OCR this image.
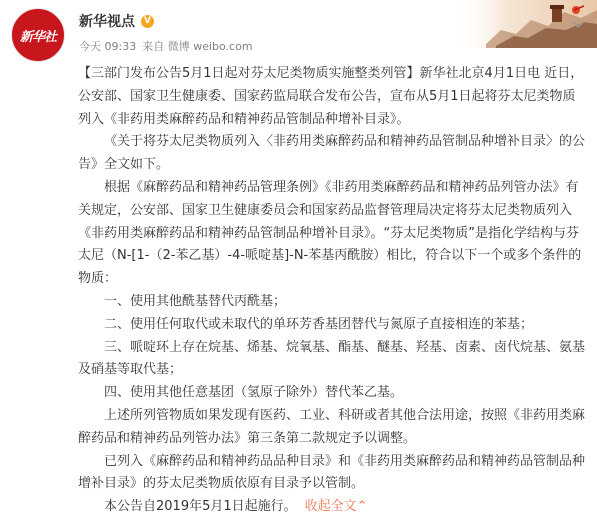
新华社
新华视点	V
今天 09:33 来自 微博 weibo.com

【三部门发布公告5月1日起对芬太尼类物质实施整类列管】新华社北京4月1日电 近日，公安部、国家卫生健康委、国家药监局联合发布公告，宣布从5月1日起将芬太尼类物质列入《非药用类麻醉药品和精神药品管制品种增补目录》。

《关于将芬太尼类物质列入〈非药用类麻醉药品和精神药品管制品种增补目录〉的公告》全文如下。

根据《麻醉药品和精神药品管理条例》《非药用类麻醉药品和精神药品列管办法》有关规定，公安部、国家卫生健康委员会和国家药品监督管理局决定将芬太尼类物质列入《非药用类麻醉药品和精神药品管制品种增补目录》。“芬太尼类物质”是指化学结构与芬太尼（N-[1-（2-苯乙基）-4-哌啶基]-N-苯基丙酰胺）相比，符合以下一个或多个条件的物质：

一、使用其他酰基替代丙酰基；

二、使用任何取代或未取代的单环芳香基团替代与氮原子直接相连的苯基；

三、哌啶环上存在烷基、烯基、烷氧基、酯基、醚基、羟基、卤素、卤代烷基、氨基及硝基等取代基；

四、使用其他任意基团（氢原子除外）替代苯乙基。

上述所列管物质如果发现有医药、工业、科研或者其他合法用途，按照《非药用类麻醉药品和精神药品列管办法》第三条第二款规定予以调整。

已列入《麻醉药品和精神药品品种目录》和《非药用类麻醉药品和精神药品管制品种增补目录》的芬太尼类物质依原有目录予以管制。

本公告自2019年5月1日起施行。 收起全文⌃
